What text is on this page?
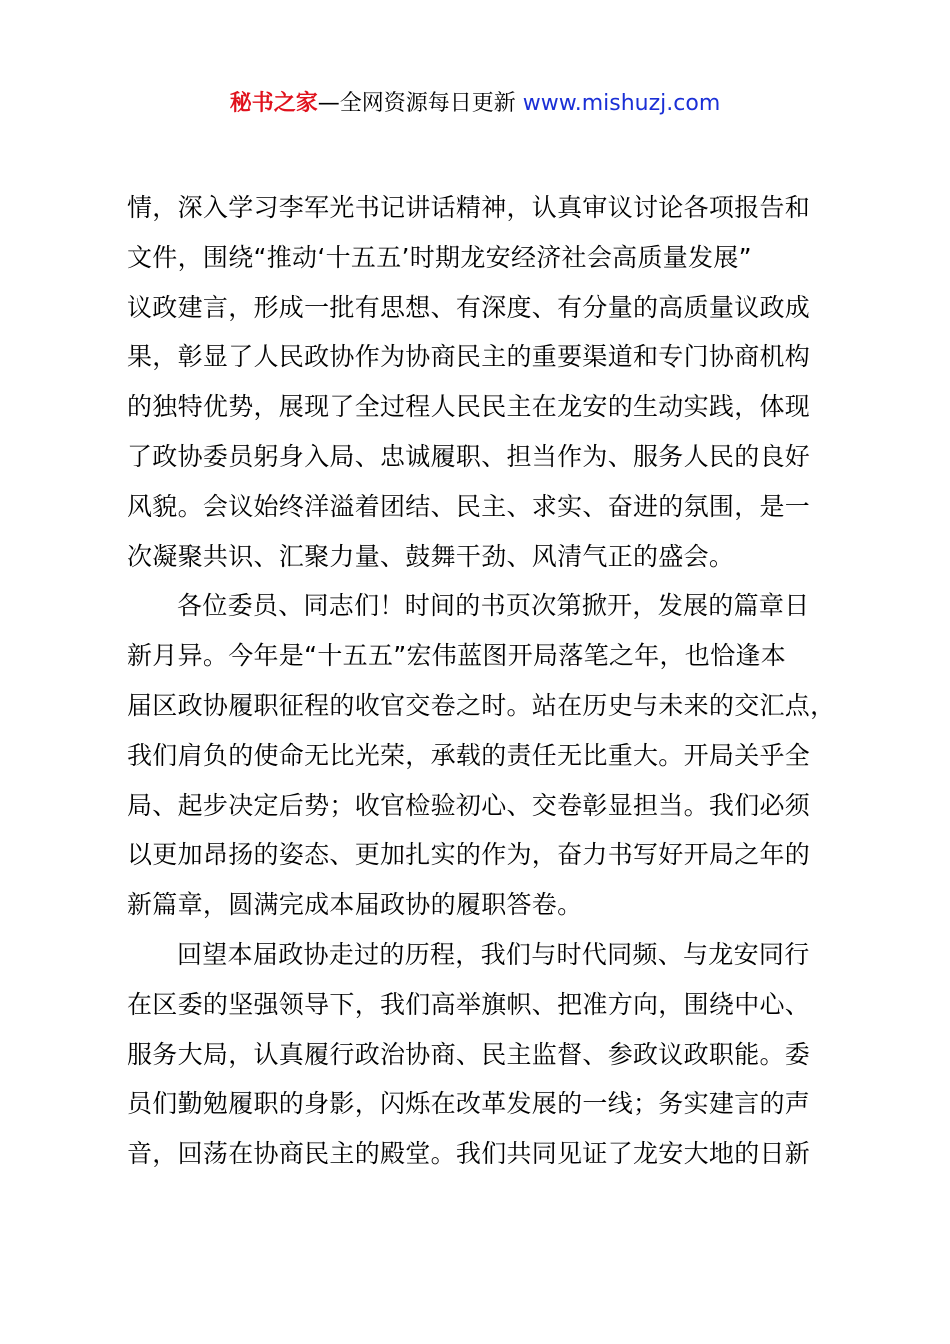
秘书之家—全网资源每日更新 www.mishuzj.com
情，深入学习李军光书记讲话精神，认真审议讨论各项报告和
文件，围绕“推动‘十五五’时期龙安经济社会高质量发展”
议政建言，形成一批有思想、有深度、有分量的高质量议政成
果，彰显了人民政协作为协商民主的重要渠道和专门协商机构
的独特优势，展现了全过程人民民主在龙安的生动实践，体现
了政协委员躬身入局、忠诚履职、担当作为、服务人民的良好
风貌。会议始终洋溢着团结、民主、求实、奋进的氛围，是一
次凝聚共识、汇聚力量、鼓舞干劲、风清气正的盛会。
各位委员、同志们！时间的书页次第掀开，发展的篇章日
新月异。今年是“十五五”宏伟蓝图开局落笔之年，也恰逢本
届区政协履职征程的收官交卷之时。站在历史与未来的交汇点，
我们肩负的使命无比光荣，承载的责任无比重大。开局关乎全
局、起步决定后势；收官检验初心、交卷彰显担当。我们必须
以更加昂扬的姿态、更加扎实的作为，奋力书写好开局之年的
新篇章，圆满完成本届政协的履职答卷。
回望本届政协走过的历程，我们与时代同频、与龙安同行
在区委的坚强领导下，我们高举旗帜、把准方向，围绕中心、
服务大局，认真履行政治协商、民主监督、参政议政职能。委
员们勤勉履职的身影，闪烁在改革发展的一线；务实建言的声
音，回荡在协商民主的殿堂。我们共同见证了龙安大地的日新
